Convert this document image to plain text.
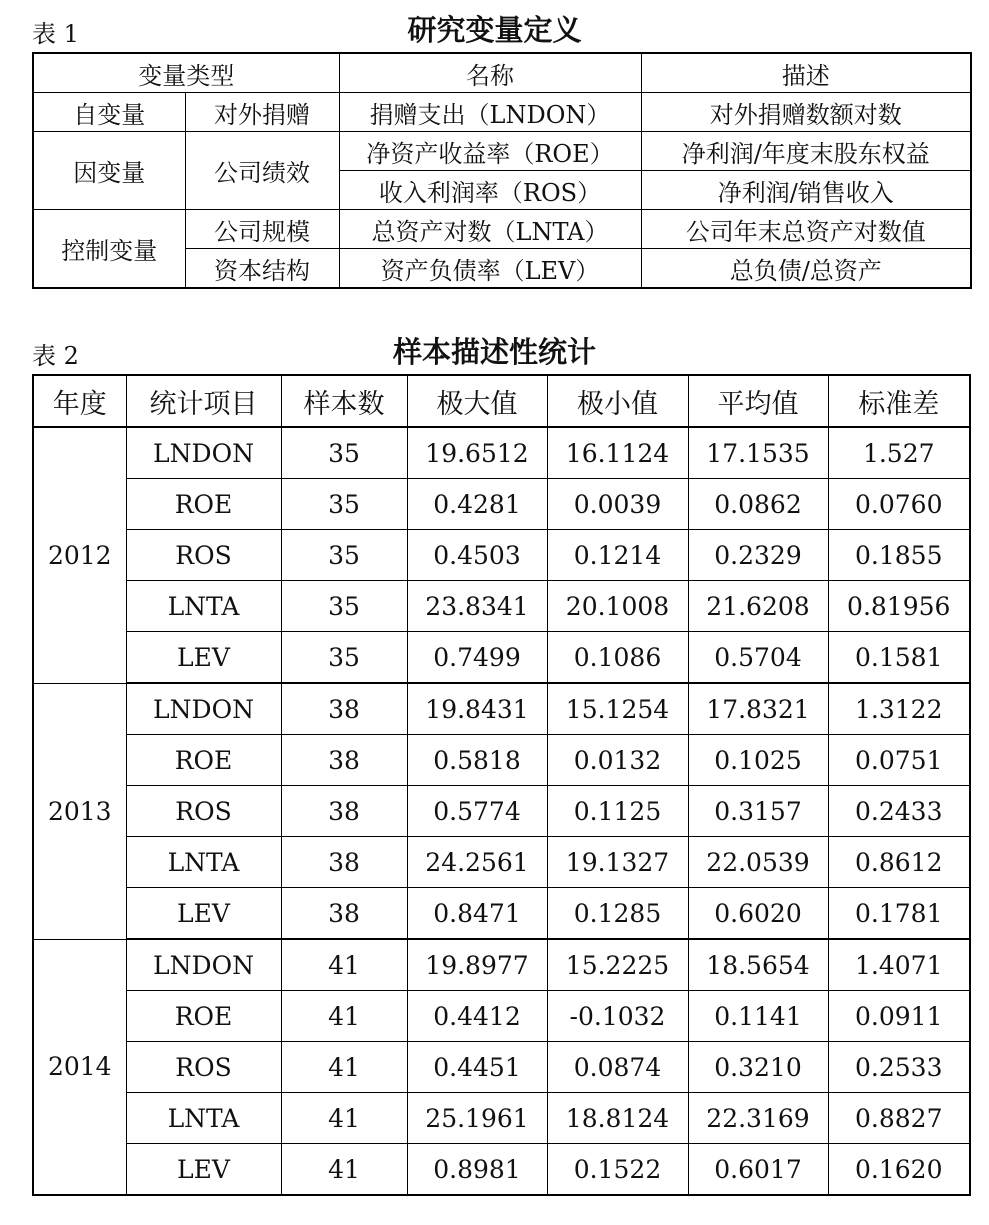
表 1	研究变量定义
变量类型		名称	描述
自变量	对外捐赠	捐赠支出（LNDON）	对外捐赠数额对数
因变量	公司绩效	净资产收益率（ROE）	净利润/年度末股东权益
		收入利润率（ROS）	净利润/销售收入
控制变量	公司规模	总资产对数（LNTA）	公司年末总资产对数值
	资本结构	资产负债率（LEV）	总负债/总资产
表 2	样本描述性统计
年度	统计项目	样本数	极大值	极小值	平均值	标准差
2012	LNDON	35	19.6512	16.1124	17.1535	1.527
	ROE	35	0.4281	0.0039	0.0862	0.0760
	ROS	35	0.4503	0.1214	0.2329	0.1855
	LNTA	35	23.8341	20.1008	21.6208	0.81956
	LEV	35	0.7499	0.1086	0.5704	0.1581
2013	LNDON	38	19.8431	15.1254	17.8321	1.3122
	ROE	38	0.5818	0.0132	0.1025	0.0751
	ROS	38	0.5774	0.1125	0.3157	0.2433
	LNTA	38	24.2561	19.1327	22.0539	0.8612
	LEV	38	0.8471	0.1285	0.6020	0.1781
2014	LNDON	41	19.8977	15.2225	18.5654	1.4071
	ROE	41	0.4412	-0.1032	0.1141	0.0911
	ROS	41	0.4451	0.0874	0.3210	0.2533
	LNTA	41	25.1961	18.8124	22.3169	0.8827
	LEV	41	0.8981	0.1522	0.6017	0.1620
